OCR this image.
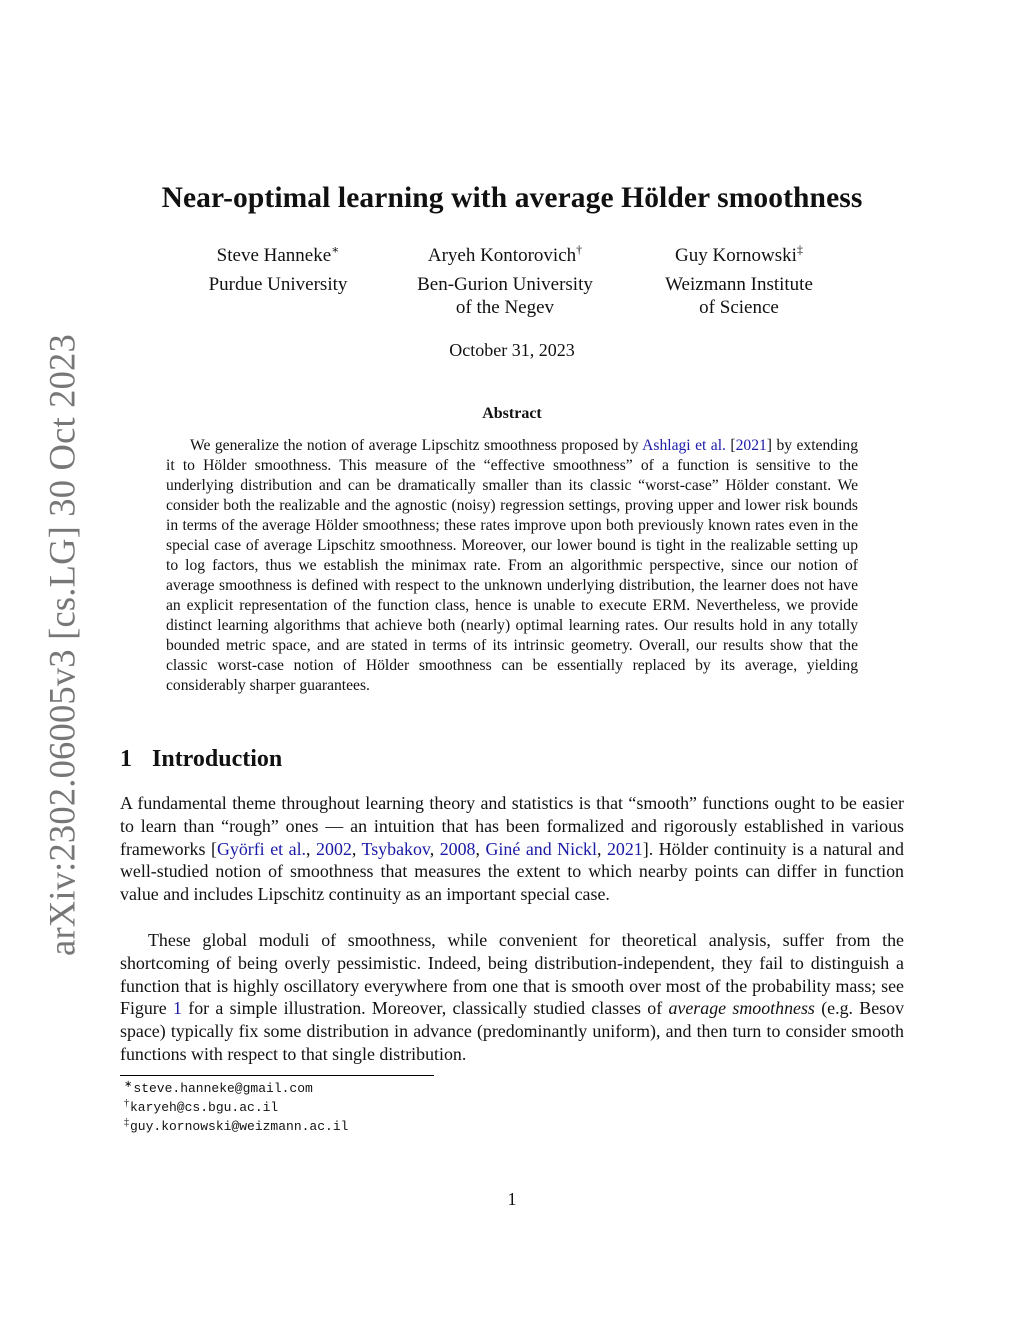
arXiv:2302.06005v3 [cs.LG] 30 Oct 2023
Near-optimal learning with average Hölder smoothness
Steve Hanneke∗
Purdue University
Aryeh Kontorovich†
Ben-Gurion University
of the Negev
Guy Kornowski‡
Weizmann Institute
of Science
October 31, 2023
Abstract

We generalize the notion of average Lipschitz smoothness proposed by Ashlagi et al. [2021] by extending it to Hölder smoothness. This measure of the “effective smoothness” of a function is sensitive to the underlying distribution and can be dramatically smaller than its classic “worst-case” Hölder constant. We consider both the realizable and the agnostic (noisy) regression settings, proving upper and lower risk bounds in terms of the average Hölder smoothness; these rates improve upon both previously known rates even in the special case of average Lipschitz smoothness. Moreover, our lower bound is tight in the realizable setting up to log factors, thus we establish the minimax rate. From an algorithmic perspective, since our notion of average smoothness is defined with respect to the unknown underlying distribution, the learner does not have an explicit representation of the function class, hence is unable to execute ERM. Nevertheless, we provide distinct learning algorithms that achieve both (nearly) optimal learning rates. Our results hold in any totally bounded metric space, and are stated in terms of its intrinsic geometry. Overall, our results show that the classic worst-case notion of Hölder smoothness can be essentially replaced by its average, yielding considerably sharper guarantees.

1 Introduction

A fundamental theme throughout learning theory and statistics is that “smooth” functions ought to be easier to learn than “rough” ones — an intuition that has been formalized and rigorously established in various frameworks [Györfi et al., 2002, Tsybakov, 2008, Giné and Nickl, 2021]. Hölder continuity is a natural and well-studied notion of smoothness that measures the extent to which nearby points can differ in function value and includes Lipschitz continuity as an important special case.

These global moduli of smoothness, while convenient for theoretical analysis, suffer from the shortcoming of being overly pessimistic. Indeed, being distribution-independent, they fail to distinguish a function that is highly oscillatory everywhere from one that is smooth over most of the probability mass; see Figure 1 for a simple illustration. Moreover, classically studied classes of average smoothness (e.g. Besov space) typically fix some distribution in advance (predominantly uniform), and then turn to consider smooth functions with respect to that single distribution.

∗steve.hanneke@gmail.com
†karyeh@cs.bgu.ac.il
‡guy.kornowski@weizmann.ac.il
1
